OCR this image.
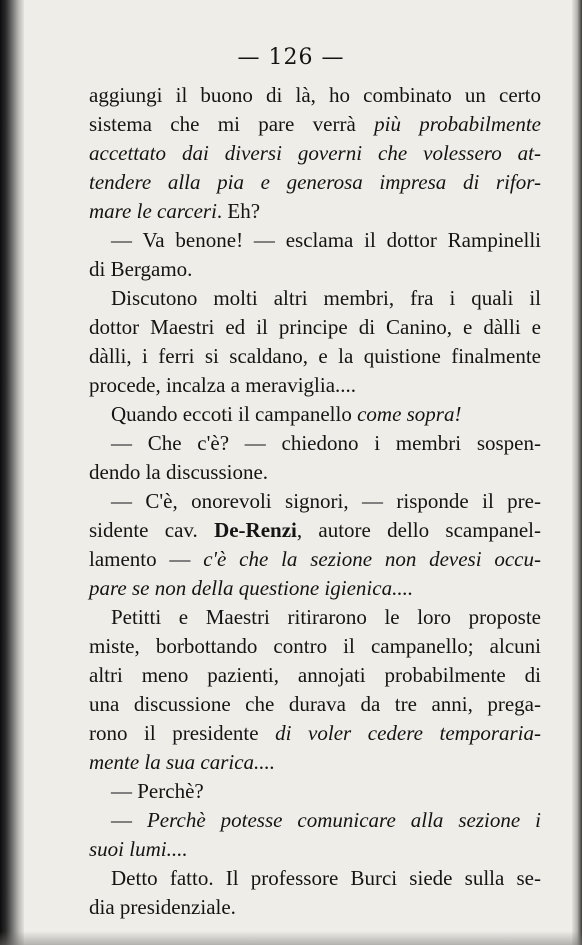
— 126 —
aggiungi il buono di là, ho combinato un certo
sistema che mi pare verrà più probabilmente
accettato dai diversi governi che volessero at-
tendere alla pia e generosa impresa di rifor-
mare le carceri. Eh?
— Va benone! — esclama il dottor Rampinelli
di Bergamo.
Discutono molti altri membri, fra i quali il
dottor Maestri ed il principe di Canino, e dàlli e
dàlli, i ferri si scaldano, e la quistione finalmente
procede, incalza a meraviglia....
Quando eccoti il campanello come sopra!
— Che c'è? — chiedono i membri sospen-
dendo la discussione.
— C'è, onorevoli signori, — risponde il pre-
sidente cav. De-Renzi, autore dello scampanel-
lamento — c'è che la sezione non devesi occu-
pare se non della questione igienica....
Petitti e Maestri ritirarono le loro proposte
miste, borbottando contro il campanello; alcuni
altri meno pazienti, annojati probabilmente di
una discussione che durava da tre anni, prega-
rono il presidente di voler cedere temporaria-
mente la sua carica....
— Perchè?
— Perchè potesse comunicare alla sezione i
suoi lumi....
Detto fatto. Il professore Burci siede sulla se-
dia presidenziale.
